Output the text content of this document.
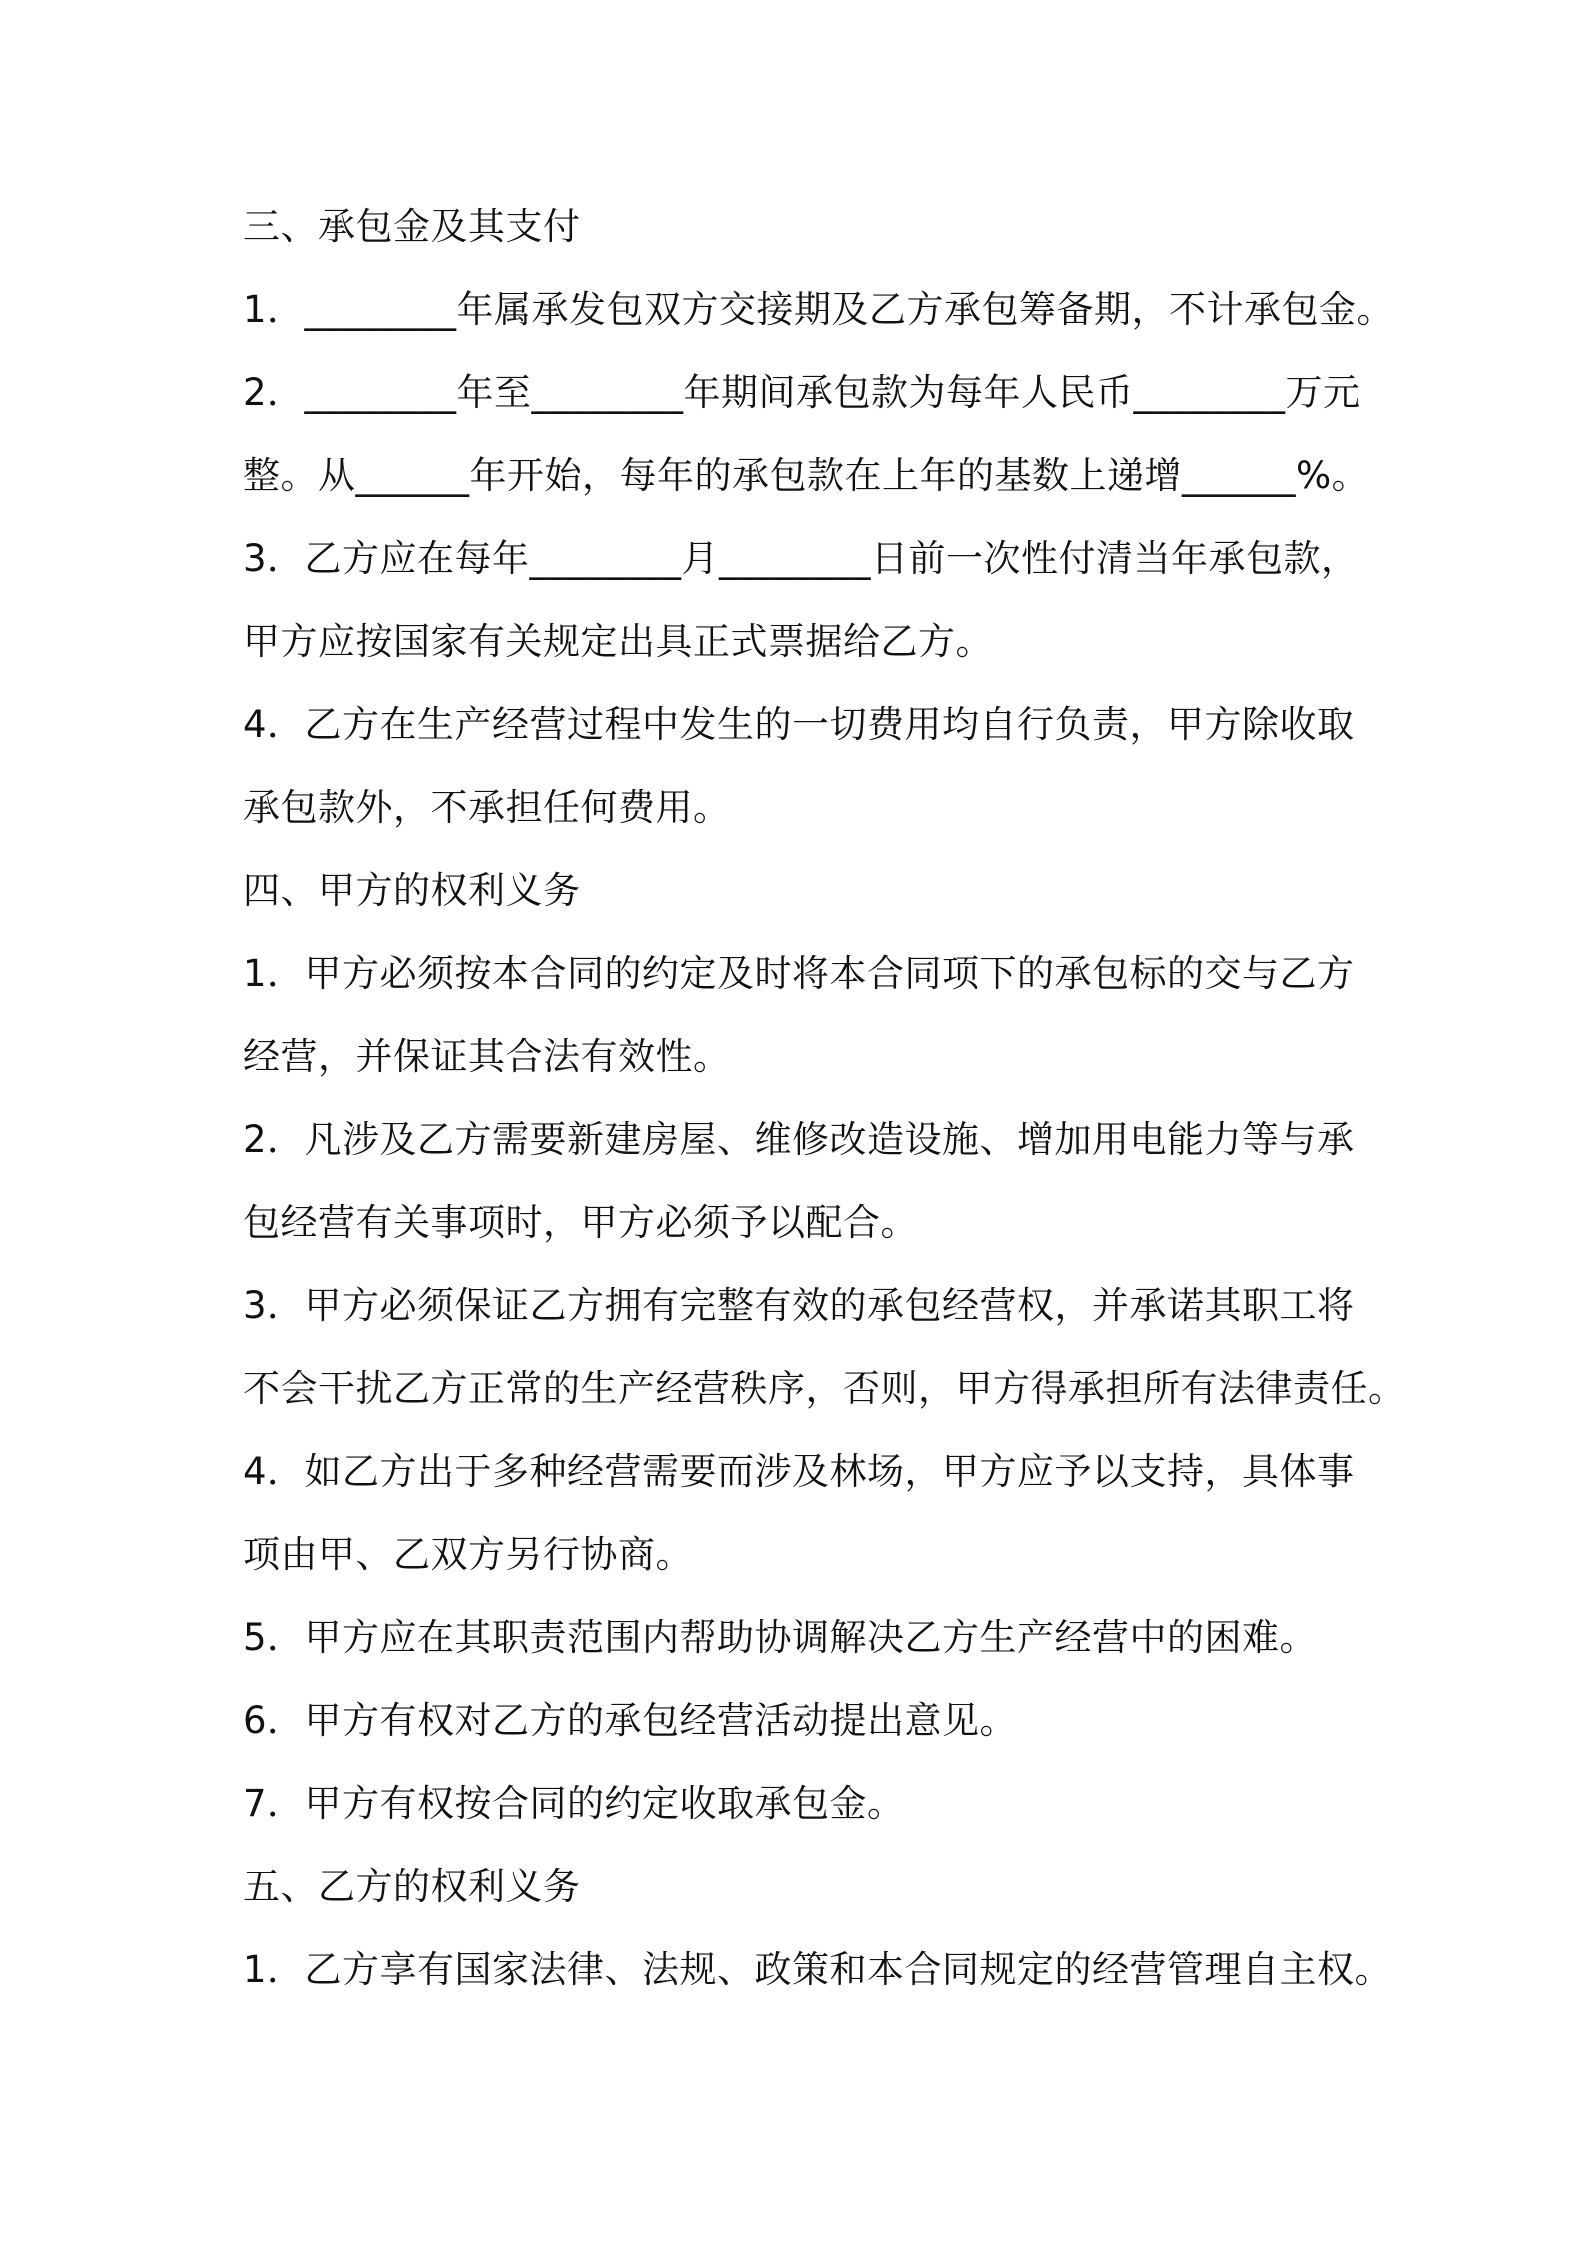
三、承包金及其支付
1．________年属承发包双方交接期及乙方承包筹备期，不计承包金。
2．________年至________年期间承包款为每年人民币________万元
整。从______年开始，每年的承包款在上年的基数上递增______%。
3．乙方应在每年________月________日前一次性付清当年承包款，
甲方应按国家有关规定出具正式票据给乙方。
4．乙方在生产经营过程中发生的一切费用均自行负责，甲方除收取
承包款外，不承担任何费用。
四、甲方的权利义务
1．甲方必须按本合同的约定及时将本合同项下的承包标的交与乙方
经营，并保证其合法有效性。
2．凡涉及乙方需要新建房屋、维修改造设施、增加用电能力等与承
包经营有关事项时，甲方必须予以配合。
3．甲方必须保证乙方拥有完整有效的承包经营权，并承诺其职工将
不会干扰乙方正常的生产经营秩序，否则，甲方得承担所有法律责任。
4．如乙方出于多种经营需要而涉及林场，甲方应予以支持，具体事
项由甲、乙双方另行协商。
5．甲方应在其职责范围内帮助协调解决乙方生产经营中的困难。
6．甲方有权对乙方的承包经营活动提出意见。
7．甲方有权按合同的约定收取承包金。
五、乙方的权利义务
1．乙方享有国家法律、法规、政策和本合同规定的经营管理自主权。
